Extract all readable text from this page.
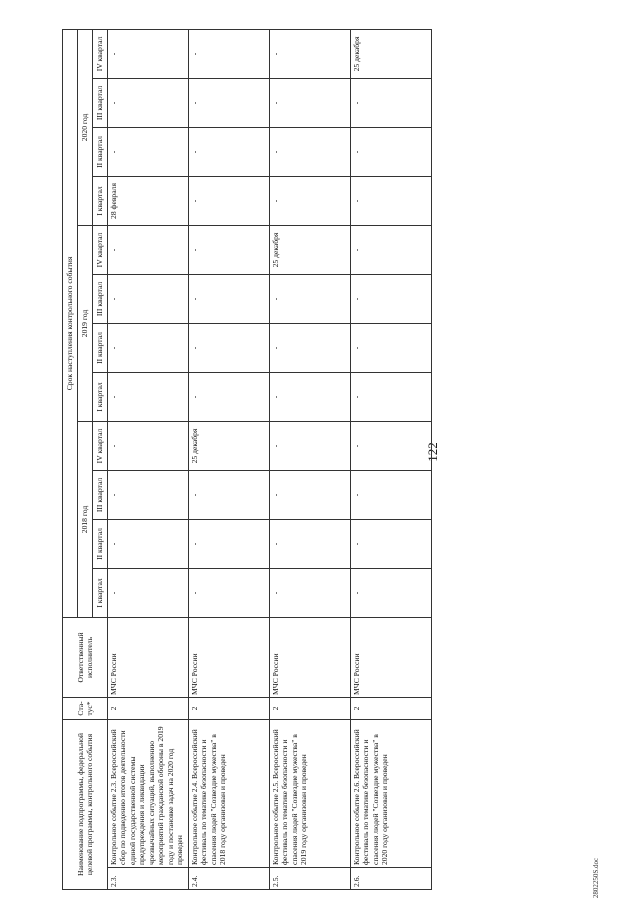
122
2802250S.doc
Наименование подпрограммы, федеральной целевой программы, контрольного события		Ста-тус*	Ответственный исполнитель	Срок наступления контрольного события											
				2018 год				2019 год				2020 год			
				I квартал	II квартал	III квартал	IV квартал	I квартал	II квартал	III квартал	IV квартал	I квартал	II квартал	III квартал	IV квартал
2.3.	Контрольное событие 2.3. Всероссийский сбор по подведению итогов деятельности единой государственной системы предупреждения и ликвидации чрезвычайных ситуаций, выполнению мероприятий гражданской обороны в 2019 году и постановке задач на 2020 год проведен	2	МЧС России	-	-	-	-	-	-	-	-	28 февраля	-	-	-
2.4.	Контрольное событие 2.4. Всероссийский фестиваль по тематике безопасности и спасения людей "Созвездие мужества" в 2018 году организован и проведен	2	МЧС России	-	-	-	25 декабря	-	-	-	-	-	-	-	-
2.5.	Контрольное событие 2.5. Всероссийский фестиваль по тематике безопасности и спасения людей "Созвездие мужества" в 2019 году организован и проведен	2	МЧС России	-	-	-	-	-	-	-	25 декабря	-	-	-	-
2.6.	Контрольное событие 2.6. Всероссийский фестиваль по тематике безопасности и спасения людей "Созвездие мужества" в 2020 году организован и проведен	2	МЧС России	-	-	-	-	-	-	-	-	-	-	-	25 декабря
